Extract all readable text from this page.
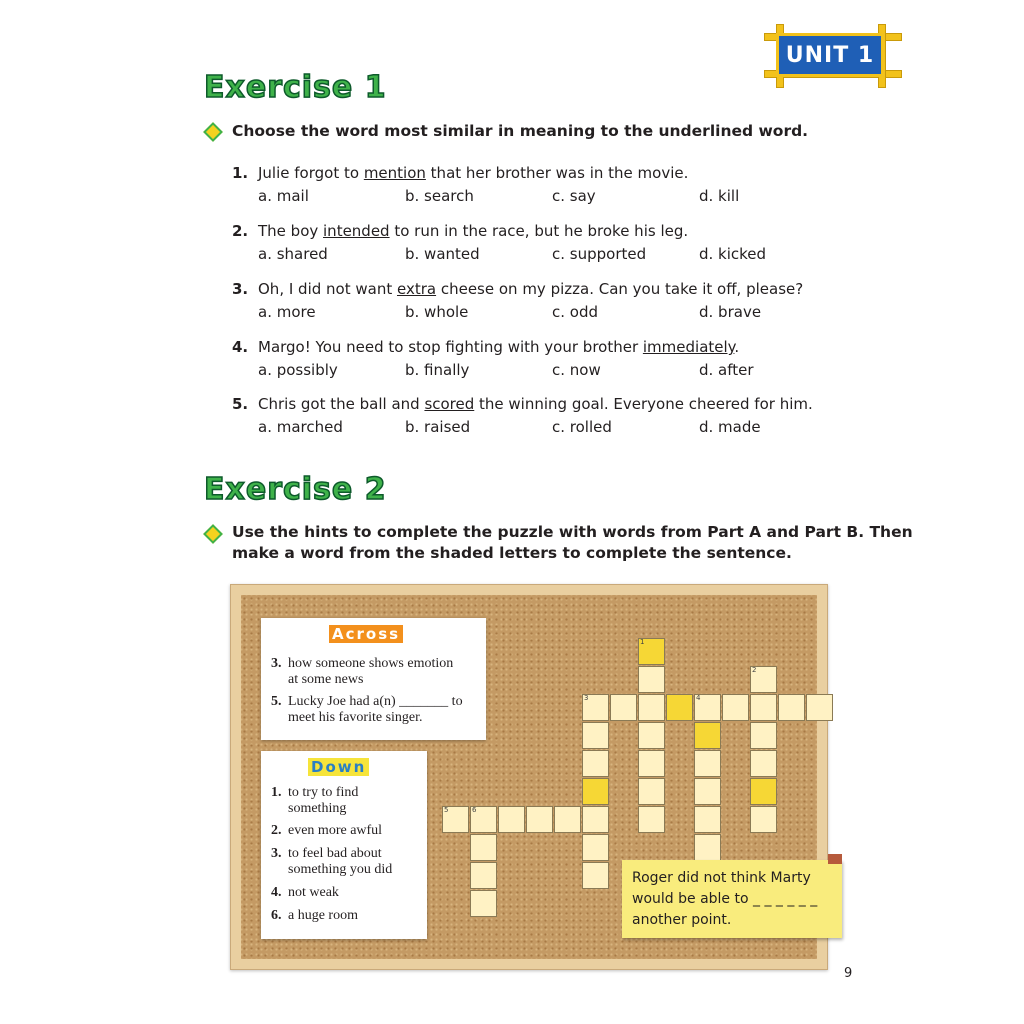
UNIT 1
Exercise 1
Choose the word most similar in meaning to the underlined word.
1. Julie forgot to mention that her brother was in the movie.
a. mail	b. search	c. say	d. kill
2. The boy intended to run in the race, but he broke his leg.
a. shared	b. wanted	c. supported	d. kicked
3. Oh, I did not want extra cheese on my pizza. Can you take it off, please?
a. more	b. whole	c. odd	d. brave
4. Margo! You need to stop fighting with your brother immediately.
a. possibly	b. finally	c. now	d. after
5. Chris got the ball and scored the winning goal. Everyone cheered for him.
a. marched	b. raised	c. rolled	d. made
Exercise 2
Use the hints to complete the puzzle with words from Part A and Part B. Then
make a word from the shaded letters to complete the sentence.
Across
3. how someone shows emotion
at some news
5. Lucky Joe had a(n) _______ to
meet his favorite singer.
Down
1. to try to find
something
2. even more awful
3. to feel bad about
something you did
4. not weak
6. a huge room
3	4
1
2
5	6
Roger did not think Marty
would be able to _ _ _ _ _ _
another point.
9
